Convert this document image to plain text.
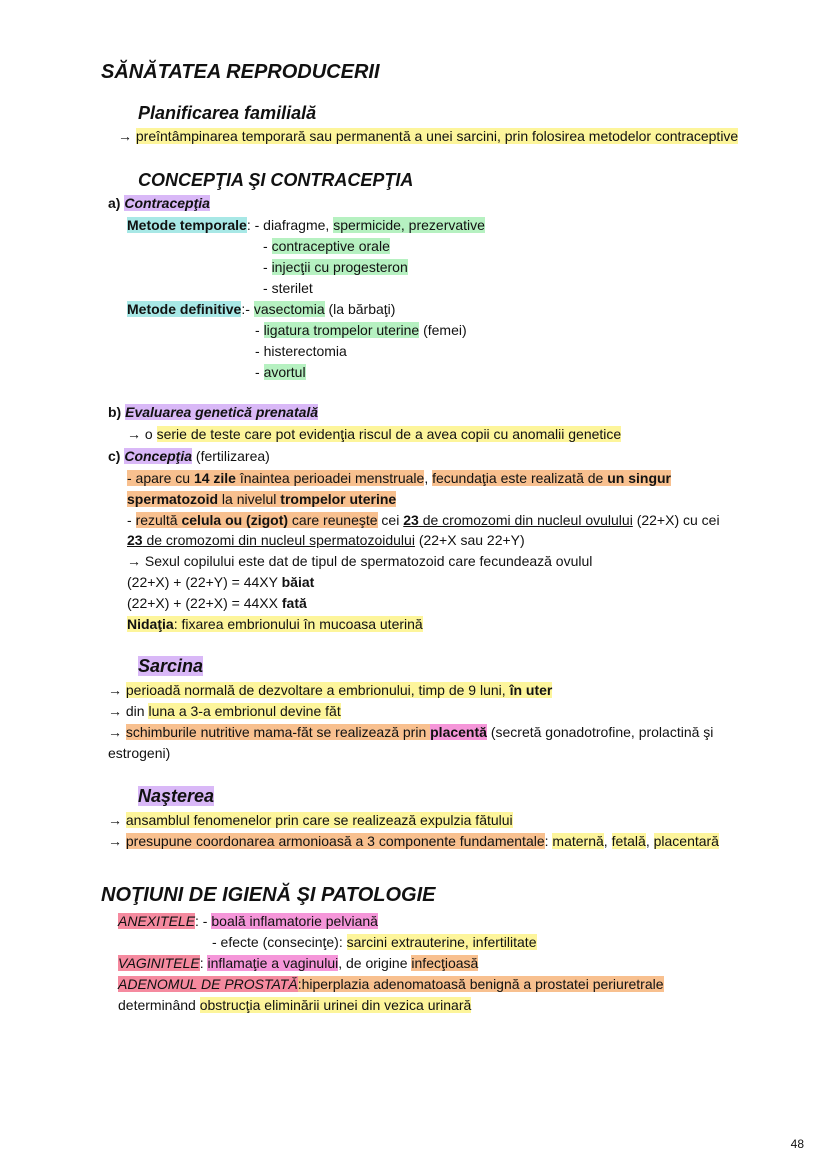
SĂNĂTATEA REPRODUCERII
Planificarea familială
→ preîntâmpinarea temporară sau permanentă a unei sarcini, prin folosirea metodelor contraceptive
CONCEPŢIA ŞI CONTRACEPŢIA
a) Contracepţia
Metode temporale: - diafragme, spermicide, prezervative
- contraceptive orale
- injecţii cu progesteron
- sterilet
Metode definitive:- vasectomia (la bărbaţi)
- ligatura trompelor uterine (femei)
- histerectomia
- avortul
b) Evaluarea genetică prenatală
→ o serie de teste care pot evidenţia riscul de a avea copii cu anomalii genetice
c) Concepţia (fertilizarea)
- apare cu 14 zile înaintea perioadei menstruale, fecundaţia este realizată de un singur
spermatozoid la nivelul trompelor uterine
- rezultă celula ou (zigot) care reuneşte cei 23 de cromozomi din nucleul ovulului (22+X) cu cei
23 de cromozomi din nucleul spermatozoidului (22+X sau 22+Y)
→ Sexul copilului este dat de tipul de spermatozoid care fecundează ovulul
(22+X) + (22+Y) = 44XY băiat
(22+X) + (22+X) = 44XX fată
Nidaţia: fixarea embrionului în mucoasa uterină
Sarcina
→ perioadă normală de dezvoltare a embrionului, timp de 9 luni, în uter
→ din luna a 3-a embrionul devine făt
→ schimburile nutritive mama-făt se realizează prin placentă (secretă gonadotrofine, prolactină şi
estrogeni)
Naşterea
→ ansamblul fenomenelor prin care se realizează expulzia fătului
→ presupune coordonarea armonioasă a 3 componente fundamentale: maternă, fetală, placentară
NOŢIUNI DE IGIENĂ ŞI PATOLOGIE
ANEXITELE: - boală inflamatorie pelviană
- efecte (consecinţe): sarcini extrauterine, infertilitate
VAGINITELE: inflamaţie a vaginului, de origine infecţioasă
ADENOMUL DE PROSTATĂ:hiperplazia adenomatoasă benignă a prostatei periuretrale
determinând obstrucţia eliminării urinei din vezica urinară
48
